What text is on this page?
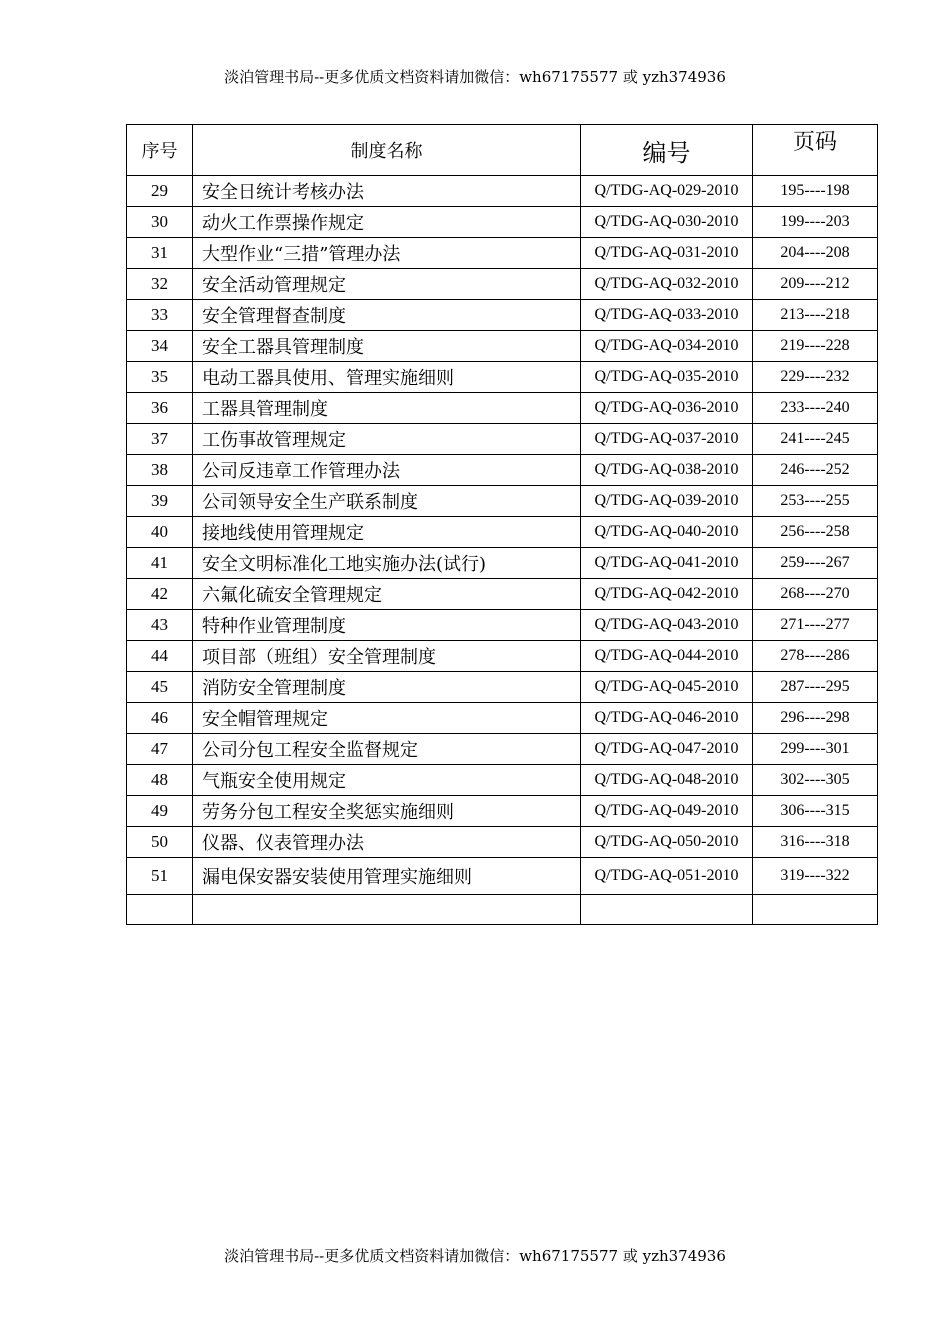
淡泊管理书局--更多优质文档资料请加微信：wh67175577 或 yzh374936
序号	制度名称	编号	页码
29	安全日统计考核办法	Q/TDG-AQ-029-2010	195----198
30	动火工作票操作规定	Q/TDG-AQ-030-2010	199----203
31	大型作业“三措”管理办法	Q/TDG-AQ-031-2010	204----208
32	安全活动管理规定	Q/TDG-AQ-032-2010	209----212
33	安全管理督查制度	Q/TDG-AQ-033-2010	213----218
34	安全工器具管理制度	Q/TDG-AQ-034-2010	219----228
35	电动工器具使用、管理实施细则	Q/TDG-AQ-035-2010	229----232
36	工器具管理制度	Q/TDG-AQ-036-2010	233----240
37	工伤事故管理规定	Q/TDG-AQ-037-2010	241----245
38	公司反违章工作管理办法	Q/TDG-AQ-038-2010	246----252
39	公司领导安全生产联系制度	Q/TDG-AQ-039-2010	253----255
40	接地线使用管理规定	Q/TDG-AQ-040-2010	256----258
41	安全文明标准化工地实施办法(试行)	Q/TDG-AQ-041-2010	259----267
42	六氟化硫安全管理规定	Q/TDG-AQ-042-2010	268----270
43	特种作业管理制度	Q/TDG-AQ-043-2010	271----277
44	项目部（班组）安全管理制度	Q/TDG-AQ-044-2010	278----286
45	消防安全管理制度	Q/TDG-AQ-045-2010	287----295
46	安全帽管理规定	Q/TDG-AQ-046-2010	296----298
47	公司分包工程安全监督规定	Q/TDG-AQ-047-2010	299----301
48	气瓶安全使用规定	Q/TDG-AQ-048-2010	302----305
49	劳务分包工程安全奖惩实施细则	Q/TDG-AQ-049-2010	306----315
50	仪器、仪表管理办法	Q/TDG-AQ-050-2010	316----318
51	漏电保安器安装使用管理实施细则	Q/TDG-AQ-051-2010	319----322

淡泊管理书局--更多优质文档资料请加微信：wh67175577 或 yzh374936
